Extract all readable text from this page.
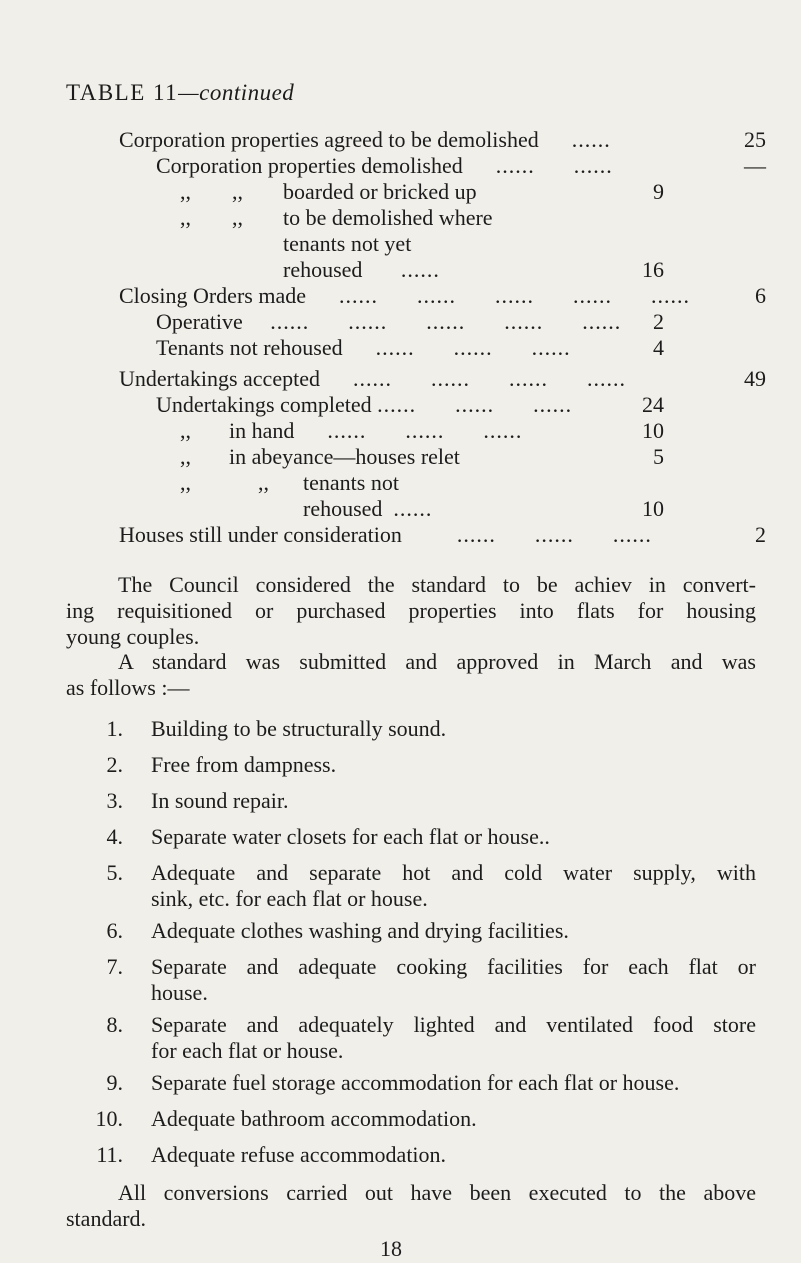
TABLE 11—continued
Corporation properties agreed to be demolished ......	25
Corporation properties demolished ......      ......	—
,, ,, boarded or bricked up	9
,, ,, to be demolished where
tenants not yet
rehoused ......	16
Closing Orders made ......      ......      ......      ......      ......	6
Operative ......      ......      ......      ......      ......	2
Tenants not rehoused ......      ......      ......	4
Undertakings accepted ......      ......      ......      ......	49
Undertakings completed ......      ......      ......	24
,, in hand ......      ......      ......	10
,, in abeyance—houses relet	5
,,	,, tenants not
rehoused ......	10
Houses still under consideration	......      ......      ......	2
The Council considered the standard to be achiev in convert-
ing requisitioned or purchased properties into flats for housing
young couples.
A standard was submitted and approved in March and was
as follows :—
1. Building to be structurally sound.
2. Free from dampness.
3. In sound repair.
4. Separate water closets for each flat or house..
5. Adequate and separate hot and cold water supply, with
sink, etc. for each flat or house.
6. Adequate clothes washing and drying facilities.
7. Separate and adequate cooking facilities for each flat or
house.
8. Separate and adequately lighted and ventilated food store
for each flat or house.
9. Separate fuel storage accommodation for each flat or house.
10. Adequate bathroom accommodation.
11. Adequate refuse accommodation.
All conversions carried out have been executed to the above
standard.
18
